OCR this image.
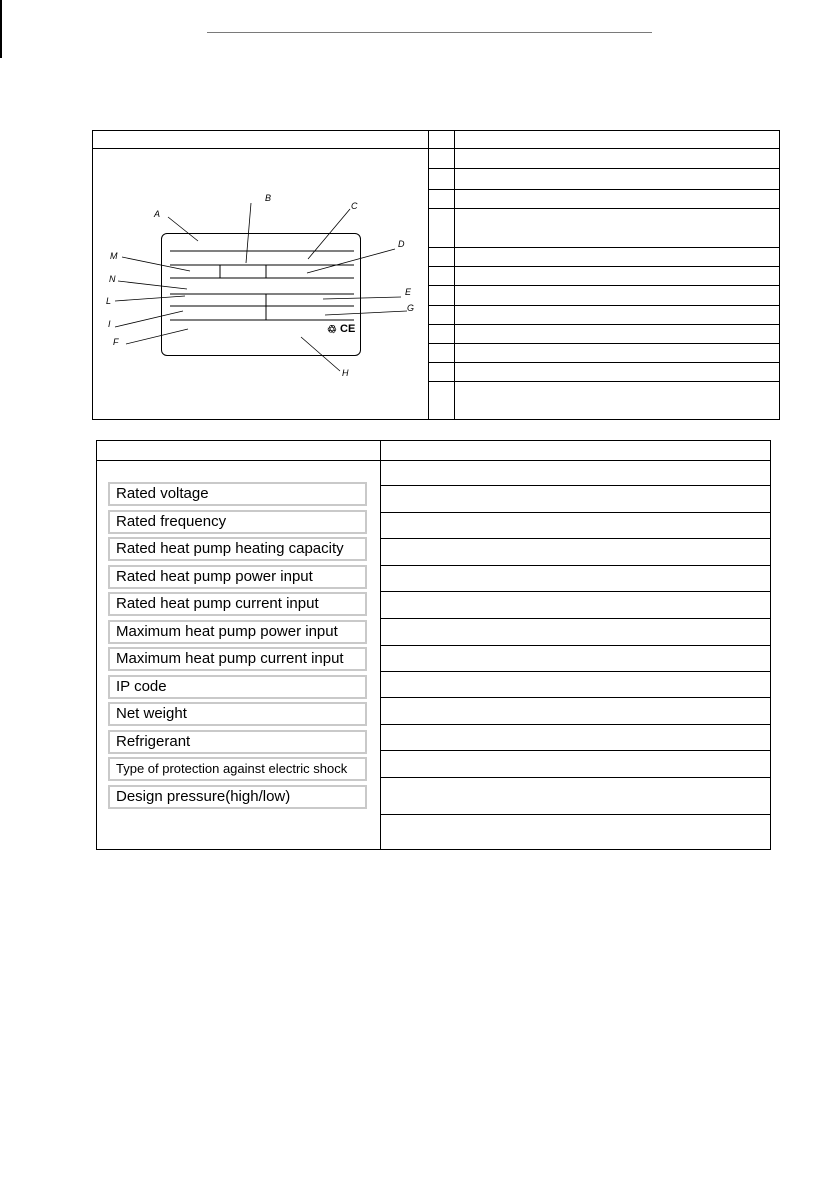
♲ CE
A
B
C
D
E
G
H
F
I
L
N
M
Rated voltage
Rated frequency
Rated heat pump heating capacity
Rated heat pump power input
Rated heat pump current input
Maximum heat pump power input
Maximum heat pump current input
IP code
Net weight
Refrigerant
Type of protection against electric shock
Design pressure(high/low)
